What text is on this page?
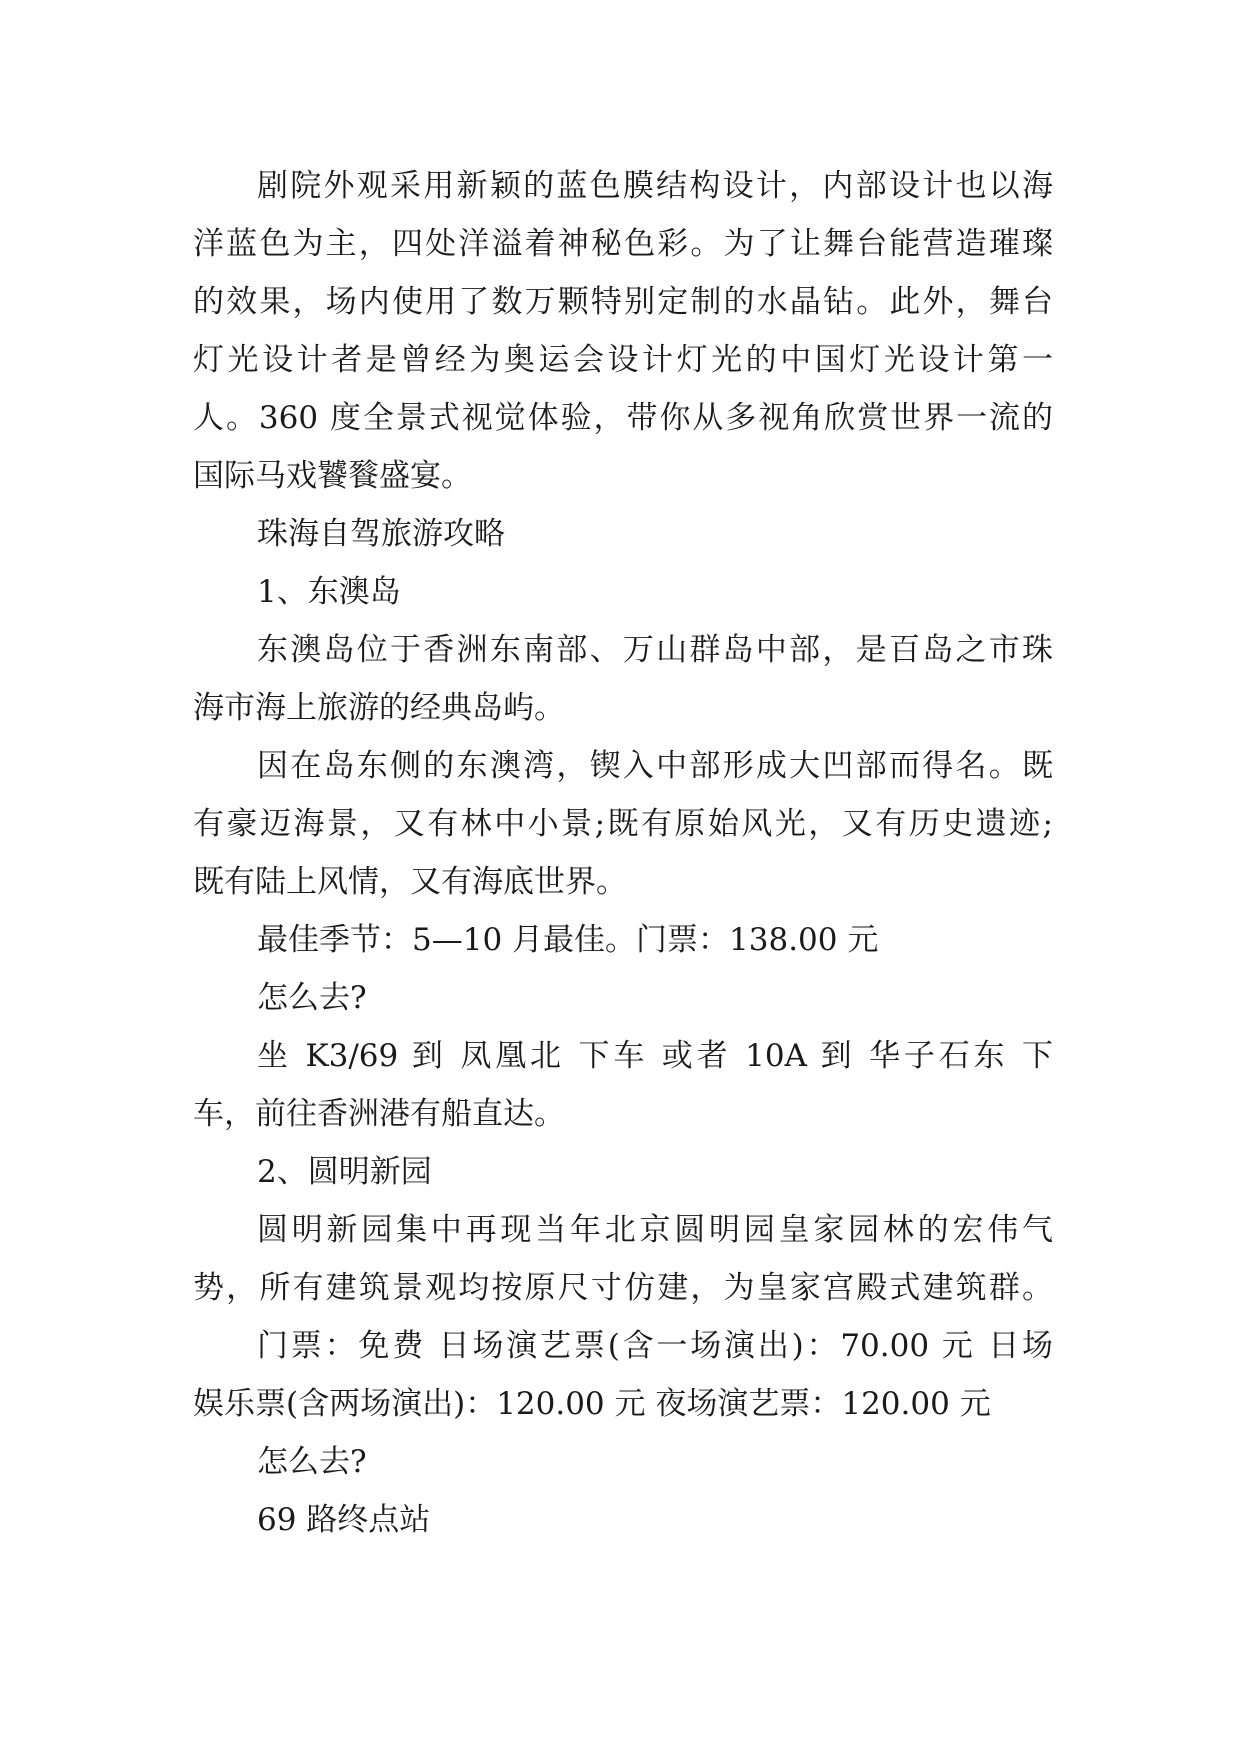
剧院外观采用新颖的蓝色膜结构设计，内部设计也以海
洋蓝色为主，四处洋溢着神秘色彩。为了让舞台能营造璀璨
的效果，场内使用了数万颗特别定制的水晶钻。此外，舞台
灯光设计者是曾经为奥运会设计灯光的中国灯光设计第一
人。360 度全景式视觉体验，带你从多视角欣赏世界一流的
国际马戏饕餮盛宴。
珠海自驾旅游攻略
1、东澳岛
东澳岛位于香洲东南部、万山群岛中部，是百岛之市珠
海市海上旅游的经典岛屿。
因在岛东侧的东澳湾，锲入中部形成大凹部而得名。既
有豪迈海景，又有林中小景;既有原始风光，又有历史遗迹;
既有陆上风情，又有海底世界。
最佳季节：5—10 月最佳。门票：138.00 元
怎么去?
坐 K3/69 到 凤凰北 下车 或者 10A 到 华子石东 下
车，前往香洲港有船直达。
2、圆明新园
圆明新园集中再现当年北京圆明园皇家园林的宏伟气
势，所有建筑景观均按原尺寸仿建，为皇家宫殿式建筑群。
门票：免费 日场演艺票(含一场演出)：70.00 元 日场
娱乐票(含两场演出)：120.00 元 夜场演艺票：120.00 元
怎么去?
69 路终点站
